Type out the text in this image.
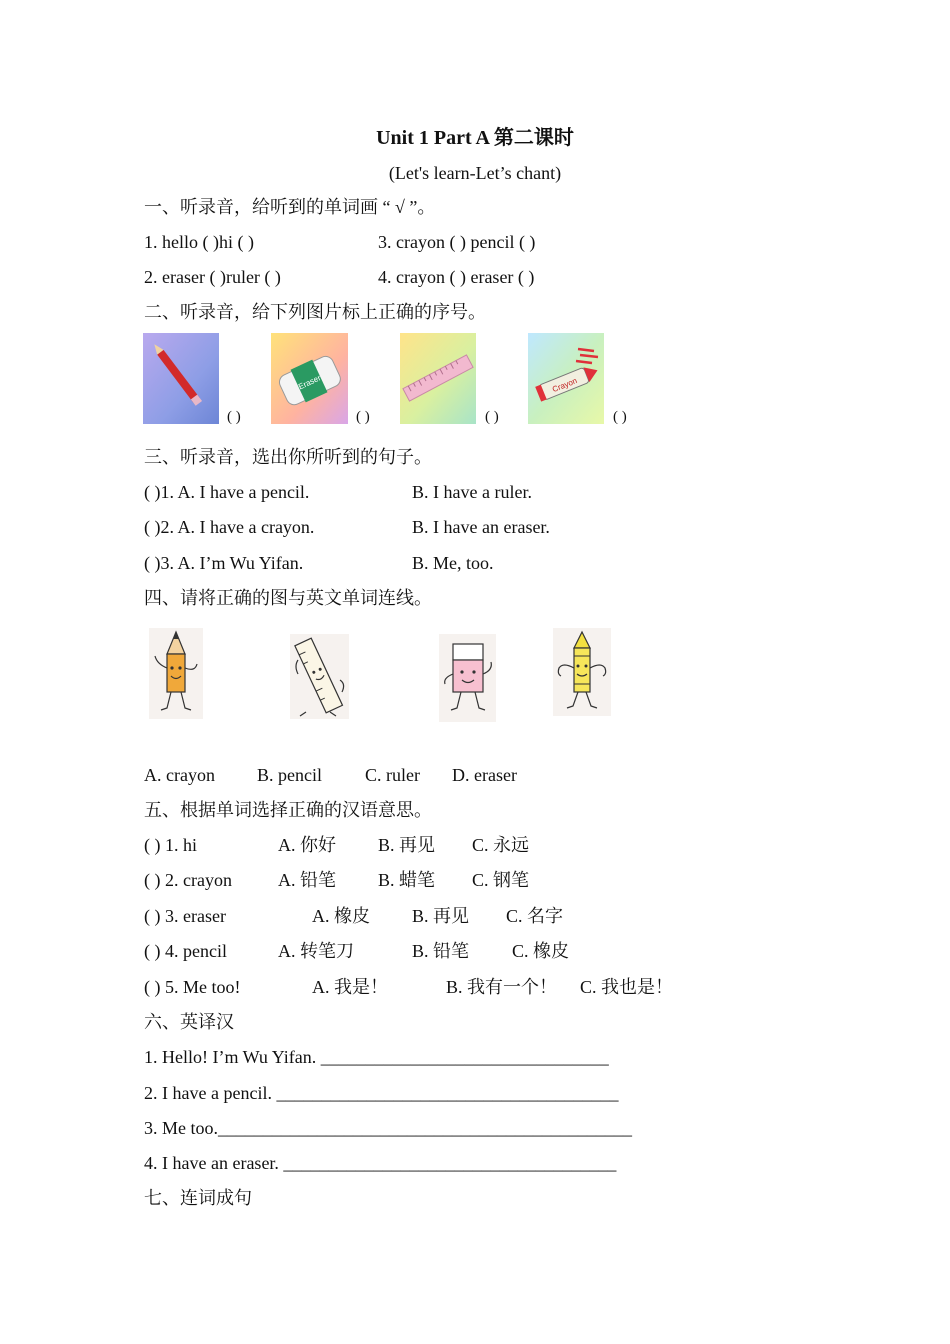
Unit 1 Part A 第二课时
(Let's learn-Let’s chant)
一、听录音，给听到的单词画 “ √ ”。
1. hello ( )hi ( )	3. crayon ( ) pencil ( )
2. eraser ( )ruler ( )	4. crayon ( ) eraser ( )
二、听录音，给下列图片标上正确的序号。
( )
Eraser
( )	( )
Crayon
( )
三、听录音，选出你所听到的句子。
( )1. A. I have a pencil.	B. I have a ruler.
( )2. A. I have a crayon.	B. I have an eraser.
( )3. A. I’m Wu Yifan.	B. Me, too.
四、请将正确的图与英文单词连线。
A. crayon B. pencil C. ruler D. eraser
五、根据单词选择正确的汉语意思。
( ) 1. hi	A. 你好 B. 再见 C. 永远
( ) 2. crayon	A. 铅笔 B. 蜡笔 C. 钢笔
( ) 3. eraser	A. 橡皮 B. 再见 C. 名字
( ) 4. pencil	A. 转笔刀	B. 铅笔 C. 橡皮
( ) 5. Me too!	A. 我是！	B. 我有一个！ C. 我也是！
六、英译汉
1. Hello! I’m Wu Yifan. ________________________________
2. I have a pencil. ______________________________________
3. Me too.______________________________________________
4. I have an eraser. _____________________________________
七、连词成句
